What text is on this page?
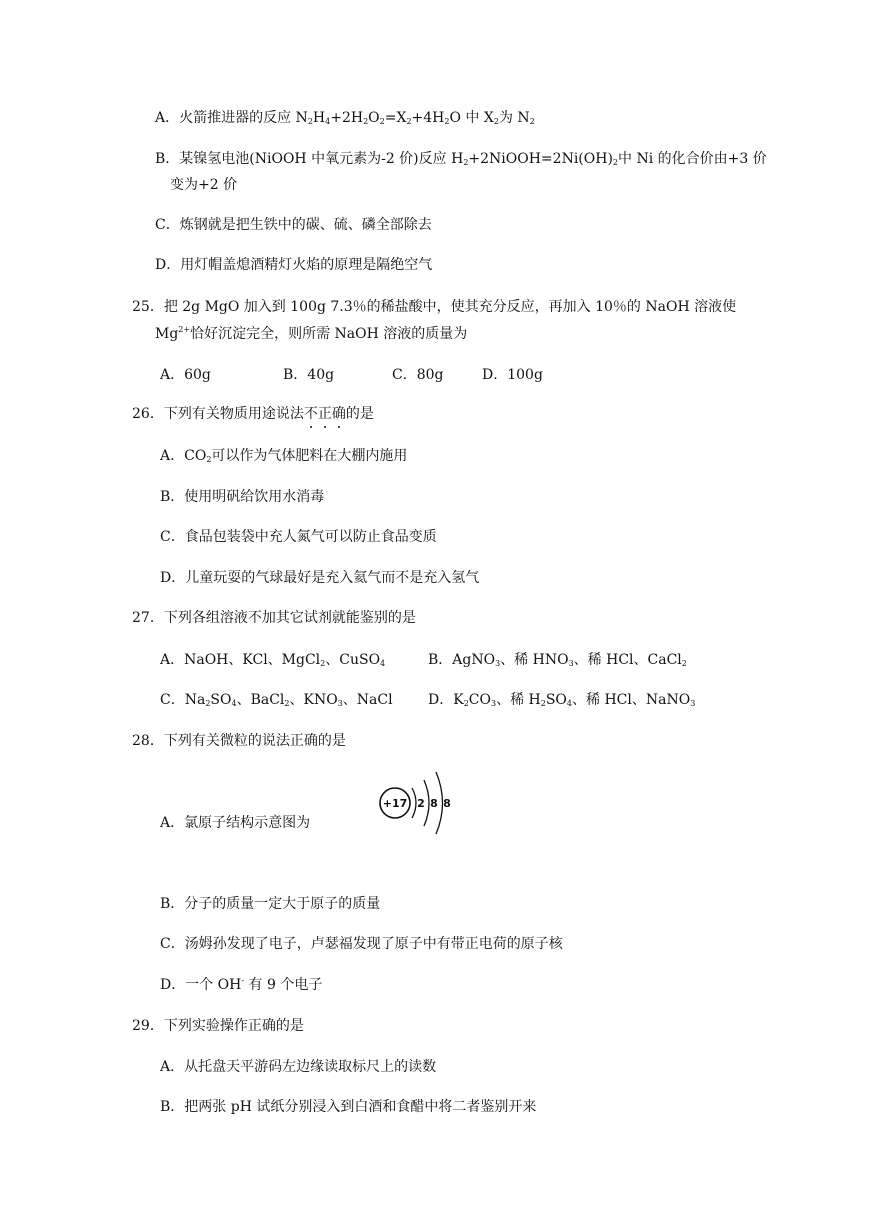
A．火箭推进器的反应 $N_2H_4+2H_2O_2=X_2+4H_2O$ 中 $X_2$为 $N_2$
B．某镍氢电池(NiOOH 中氧元素为-2 价)反应 $H_2+2NiOOH=2Ni(OH)_2$中 Ni 的化合价由+3 价
变为+2 价
C．炼钢就是把生铁中的碳、硫、磷全部除去
D．用灯帽盖熄酒精灯火焰的原理是隔绝空气
25．把 2g MgO 加入到 100g 7.3％的稀盐酸中，使其充分反应，再加入 10％的 NaOH 溶液使
$Mg^{2+}$恰好沉淀完全，则所需 NaOH 溶液的质量为
A．60g	B．40g	C．80g	D．100g
26．下列有关物质用途说法不正确
的是
A．$CO_2$可以作为气体肥料在大棚内施用
B．使用明矾给饮用水消毒
C．食品包装袋中充人氮气可以防止食品变质
D．儿童玩耍的气球最好是充入氦气而不是充入氢气
27．下列各组溶液不加其它试剂就能鉴别的是
A．NaOH、KCl、MgCl$_2$、CuSO$_4$	B．AgNO$_3$、稀 $HNO_3$、稀 HCl、CaCl$_2$
C．$Na_2SO_4$、BaCl$_2$、$KNO_3$、NaCl	D．$K_2CO_3$、稀 $H_2SO_4$、稀 HCl、NaNO$_3$
28．下列有关微粒的说法正确的是
A．氯原子结构示意图为
+17 2 8 8
B．分子的质量一定大于原子的质量
C．汤姆孙发现了电子，卢瑟福发现了原子中有带正电荷的原子核
D．一个 OH- 有 9 个电子
29．下列实验操作正确的是
A．从托盘天平游码左边缘读取标尺上的读数
B．把两张 pH 试纸分别浸入到白酒和食醋中将二者鉴别开来
